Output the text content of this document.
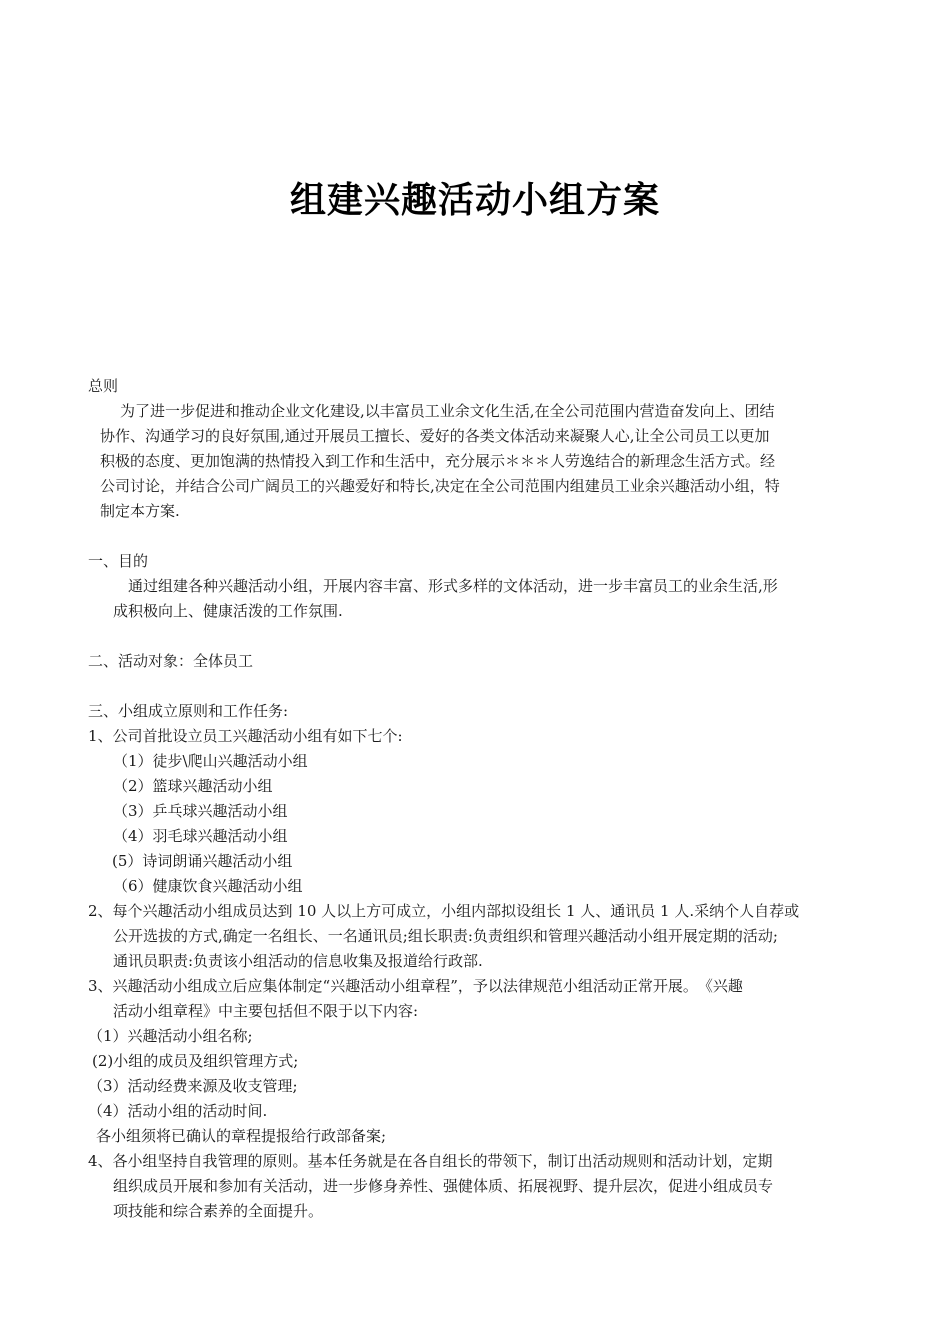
组建兴趣活动小组方案
总则
为了进一步促进和推动企业文化建设,以丰富员工业余文化生活,在全公司范围内营造奋发向上、团结
协作、沟通学习的良好氛围,通过开展员工擅长、爱好的各类文体活动来凝聚人心,让全公司员工以更加
积极的态度、更加饱满的热情投入到工作和生活中，充分展示＊＊＊人劳逸结合的新理念生活方式。经
公司讨论，并结合公司广阔员工的兴趣爱好和特长,决定在全公司范围内组建员工业余兴趣活动小组，特
制定本方案.
一、目的
通过组建各种兴趣活动小组，开展内容丰富、形式多样的文体活动，进一步丰富员工的业余生活,形
成积极向上、健康活泼的工作氛围.
二、活动对象：全体员工
三、小组成立原则和工作任务:
1、公司首批设立员工兴趣活动小组有如下七个:
（1）徒步\爬山兴趣活动小组
（2）篮球兴趣活动小组
（3）乒乓球兴趣活动小组
（4）羽毛球兴趣活动小组
(5）诗词朗诵兴趣活动小组
（6）健康饮食兴趣活动小组
2、每个兴趣活动小组成员达到 10 人以上方可成立，小组内部拟设组长 1 人、通讯员 1 人.采纳个人自荐或
公开选拔的方式,确定一名组长、一名通讯员;组长职责:负责组织和管理兴趣活动小组开展定期的活动;
通讯员职责:负责该小组活动的信息收集及报道给行政部.
3、兴趣活动小组成立后应集体制定“兴趣活动小组章程”，予以法律规范小组活动正常开展。　《兴趣
活动小组章程》中主要包括但不限于以下内容:
（1）兴趣活动小组名称;
(2)小组的成员及组织管理方式;
（3）活动经费来源及收支管理;
（4）活动小组的活动时间.
各小组须将已确认的章程提报给行政部备案;
4、各小组坚持自我管理的原则。基本任务就是在各自组长的带领下，制订出活动规则和活动计划，定期
组织成员开展和参加有关活动，进一步修身养性、强健体质、拓展视野、提升层次，促进小组成员专
项技能和综合素养的全面提升。
